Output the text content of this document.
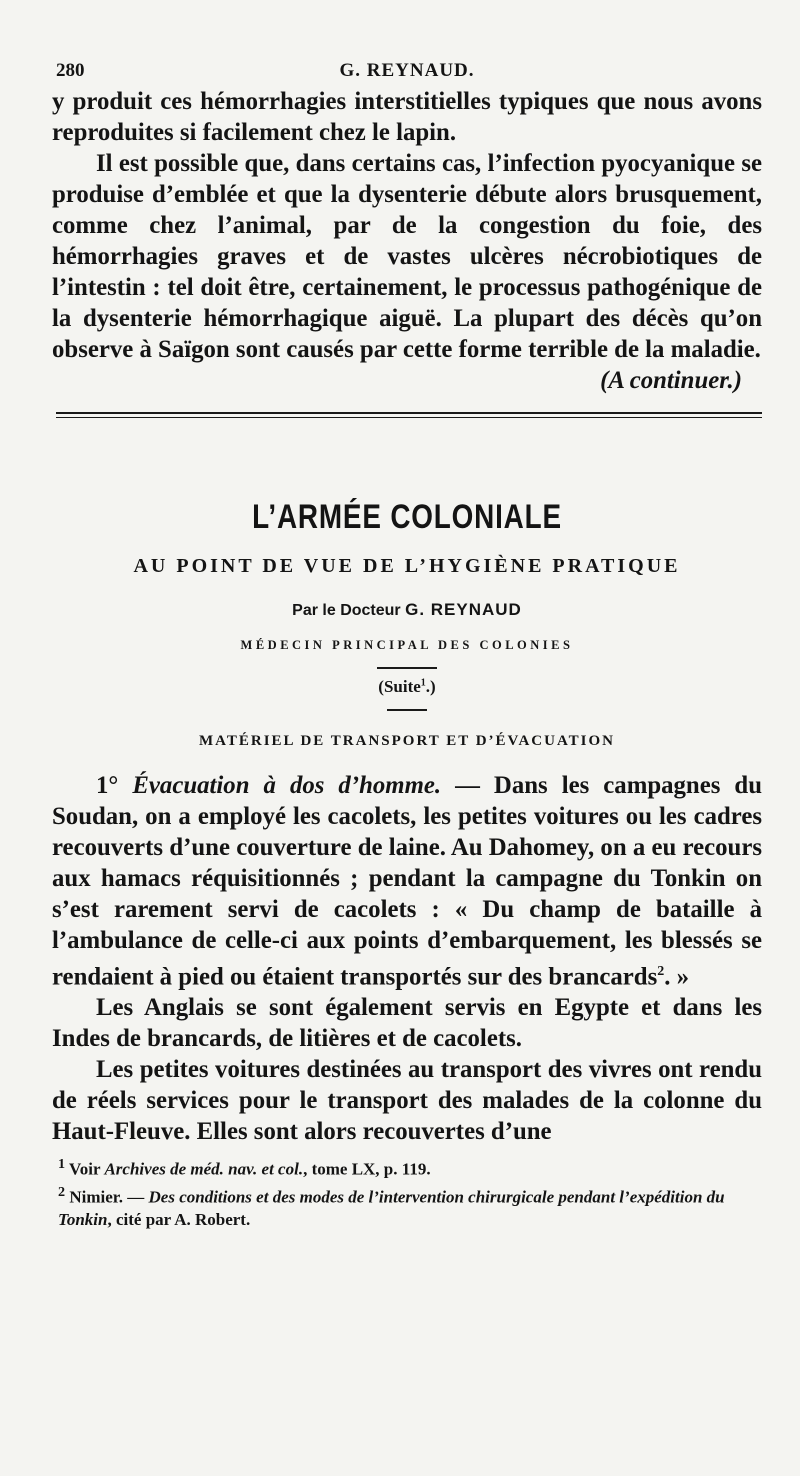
280	G. REYNAUD.

y produit ces hémorrhagies interstitielles typiques que nous avons reproduites si facilement chez le lapin.

Il est possible que, dans certains cas, l’infection pyocyanique se produise d’emblée et que la dysenterie débute alors brusquement, comme chez l’animal, par de la congestion du foie, des hémorrhagies graves et de vastes ulcères nécrobiotiques de l’intestin : tel doit être, certainement, le processus pathogénique de la dysenterie hémorrhagique aiguë. La plupart des décès qu’on observe à Saïgon sont causés par cette forme terrible de la maladie.

(A continuer.)

L’ARMÉE COLONIALE
AU POINT DE VUE DE L’HYGIÈNE PRATIQUE
Par le Docteur G. REYNAUD
MÉDECIN PRINCIPAL DES COLONIES
(Suite$^1$.)
MATÉRIEL DE TRANSPORT ET D’ÉVACUATION

1° Évacuation à dos d’homme. — Dans les campagnes du Soudan, on a employé les cacolets, les petites voitures ou les cadres recouverts d’une couverture de laine. Au Dahomey, on a eu recours aux hamacs réquisitionnés ; pendant la campagne du Tonkin on s’est rarement servi de cacolets : « Du champ de bataille à l’ambulance de celle-ci aux points d’embarquement, les blessés se rendaient à pied ou étaient transportés sur des brancards$^2$. »

Les Anglais se sont également servis en Egypte et dans les Indes de brancards, de litières et de cacolets.

Les petites voitures destinées au transport des vivres ont rendu de réels services pour le transport des malades de la colonne du Haut-Fleuve. Elles sont alors recouvertes d’une

$^1$ Voir Archives de méd. nav. et col., tome LX, p. 119.

$^2$ Nimier. — Des conditions et des modes de l’intervention chirurgicale pendant l’expédition du Tonkin, cité par A. Robert.
